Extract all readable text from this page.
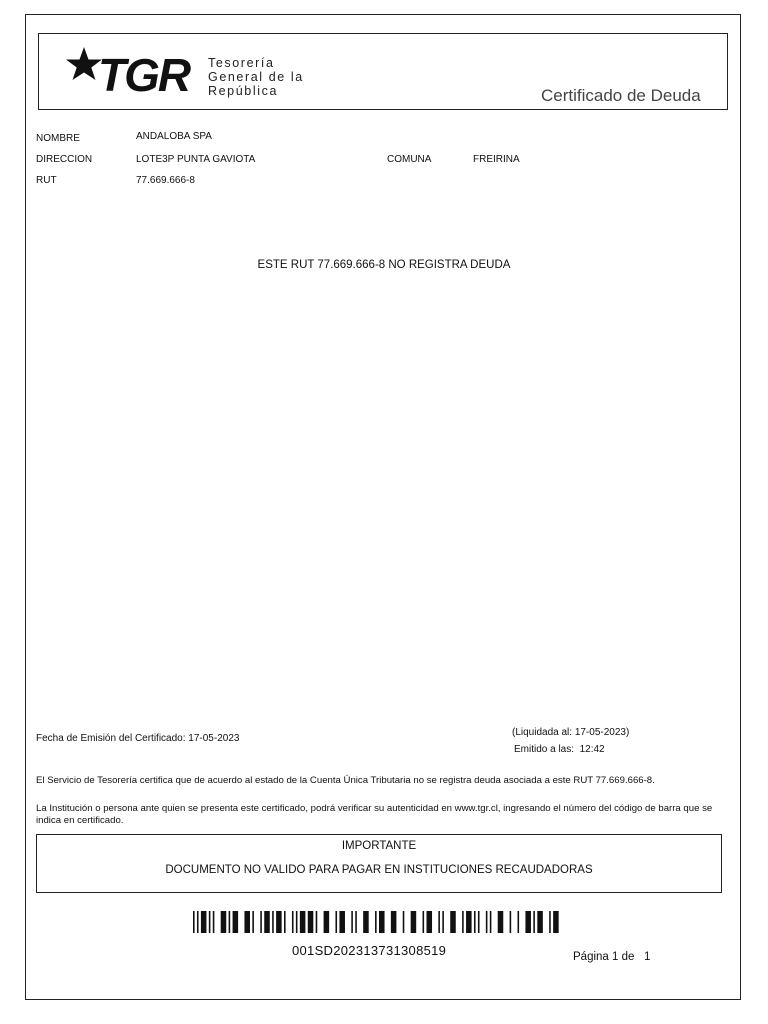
TGR Tesorería
General de la
República	Certificado de Deuda
NOMBRE	ANDALOBA SPA
DIRECCION	LOTE3P PUNTA GAVIOTA	COMUNA	FREIRINA
RUT	77.669.666-8
ESTE RUT 77.669.666-8 NO REGISTRA DEUDA
(Liquidada al: 17-05-2023)
Fecha de Emisión del Certificado: 17-05-2023
Emitido a las:  12:42
El Servicio de Tesorería certifica que de acuerdo al estado de la Cuenta Única Tributaria no se registra deuda asociada a este RUT 77.669.666-8.
La Institución o persona ante quien se presenta este certificado, podrá verificar su autenticidad en www.tgr.cl, ingresando el número del código de barra que se indica en certificado.
IMPORTANTE
DOCUMENTO NO VALIDO PARA PAGAR EN INSTITUCIONES RECAUDADORAS
001SD202313731308519	Página 1 de   1
